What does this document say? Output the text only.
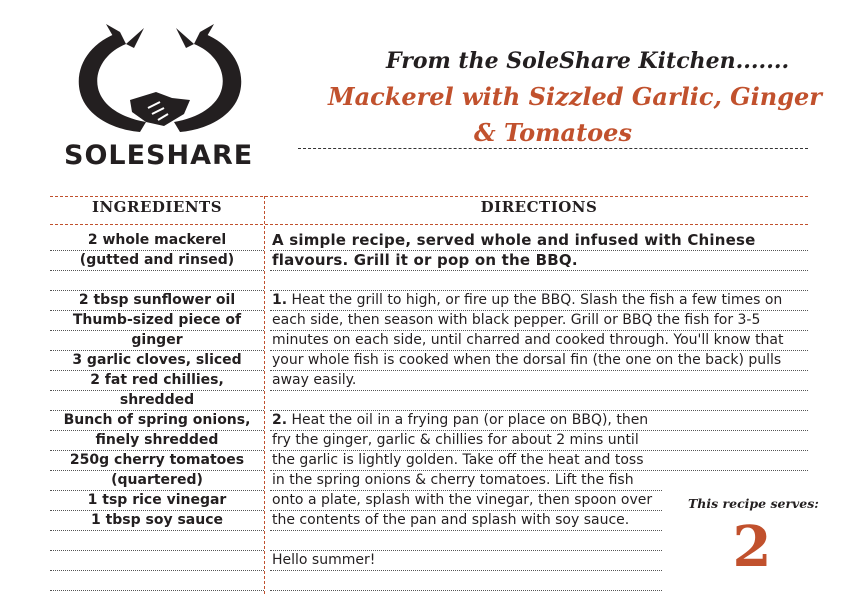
SOLESHARE
From the SoleShare Kitchen.......
Mackerel with Sizzled Garlic, Ginger
& Tomatoes
INGREDIENTS	DIRECTIONS
2 whole mackerel
(gutted and rinsed)
2 tbsp sunflower oil
Thumb-sized piece of
ginger
3 garlic cloves, sliced
2 fat red chillies,
shredded
Bunch of spring onions,
finely shredded
250g cherry tomatoes
(quartered)
1 tsp rice vinegar
1 tbsp soy sauce
A simple recipe, served whole and infused with Chinese flavours. Grill it or pop on the BBQ.
1. Heat the grill to high, or fire up the BBQ. Slash the fish a few times on each side, then season with black pepper. Grill or BBQ the fish for 3-5 minutes on each side, until charred and cooked through. You'll know that your whole fish is cooked when the dorsal fin (the one on the back) pulls away easily.
2. Heat the oil in a frying pan (or place on BBQ), then fry the ginger, garlic & chillies for about 2 mins until the garlic is lightly golden. Take off the heat and toss in the spring onions & cherry tomatoes. Lift the fish onto a plate, splash with the vinegar, then spoon over the contents of the pan and splash with soy sauce.
Hello summer!
This recipe serves:
2
